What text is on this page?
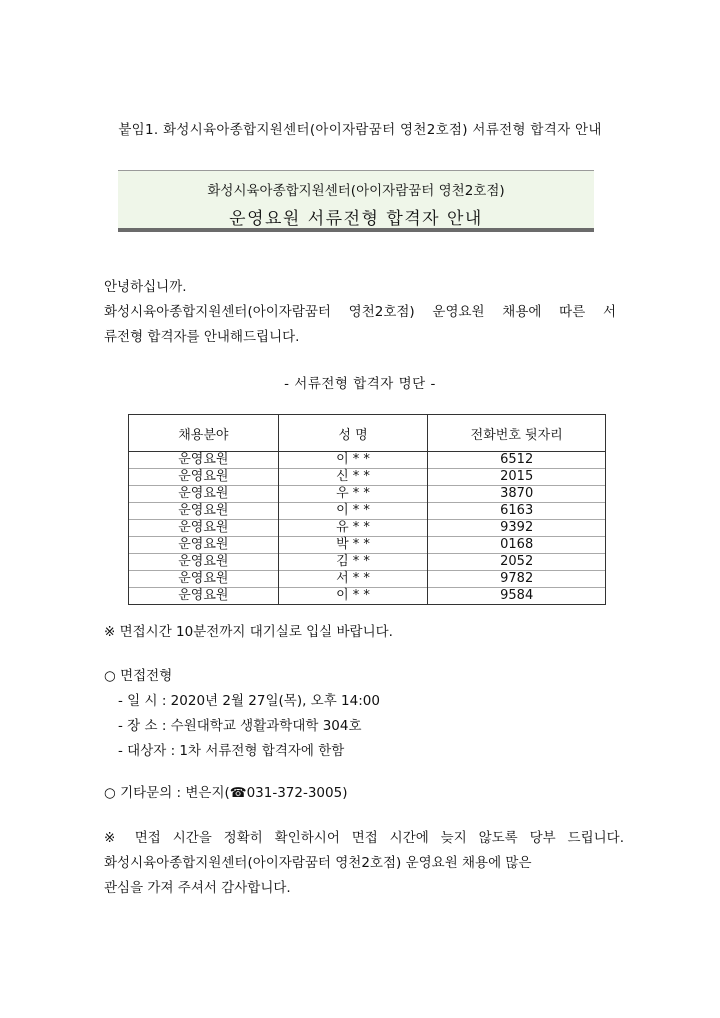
붙임1. 화성시육아종합지원센터(아이자람꿈터 영천2호점) 서류전형 합격자 안내
화성시육아종합지원센터(아이자람꿈터 영천2호점)
운영요원 서류전형 합격자 안내

안녕하십니까.

화성시육아종합지원센터(아이자람꿈터 영천2호점) 운영요원 채용에 따른 서

류전형 합격자를 안내해드립니다.

- 서류전형 합격자 명단 -
채용분야	성 명	전화번호 뒷자리
운영요원	이 * *	6512
운영요원	신 * *	2015
운영요원	우 * *	3870
운영요원	이 * *	6163
운영요원	유 * *	9392
운영요원	박 * *	0168
운영요원	김 * *	2052
운영요원	서 * *	9782
운영요원	이 * *	9584
※ 면접시간 10분전까지 대기실로 입실 바랍니다.
○ 면접전형
- 일 시 : 2020년 2월 27일(목), 오후 14:00
- 장 소 : 수원대학교 생활과학대학 304호
- 대상자 : 1차 서류전형 합격자에 한함
○ 기타문의 : 변은지(☎031-372-3005)

※ 면접 시간을 정확히 확인하시어 면접 시간에 늦지 않도록 당부 드립니다.

화성시육아종합지원센터(아이자람꿈터 영천2호점) 운영요원 채용에 많은

관심을 가져 주셔서 감사합니다.
